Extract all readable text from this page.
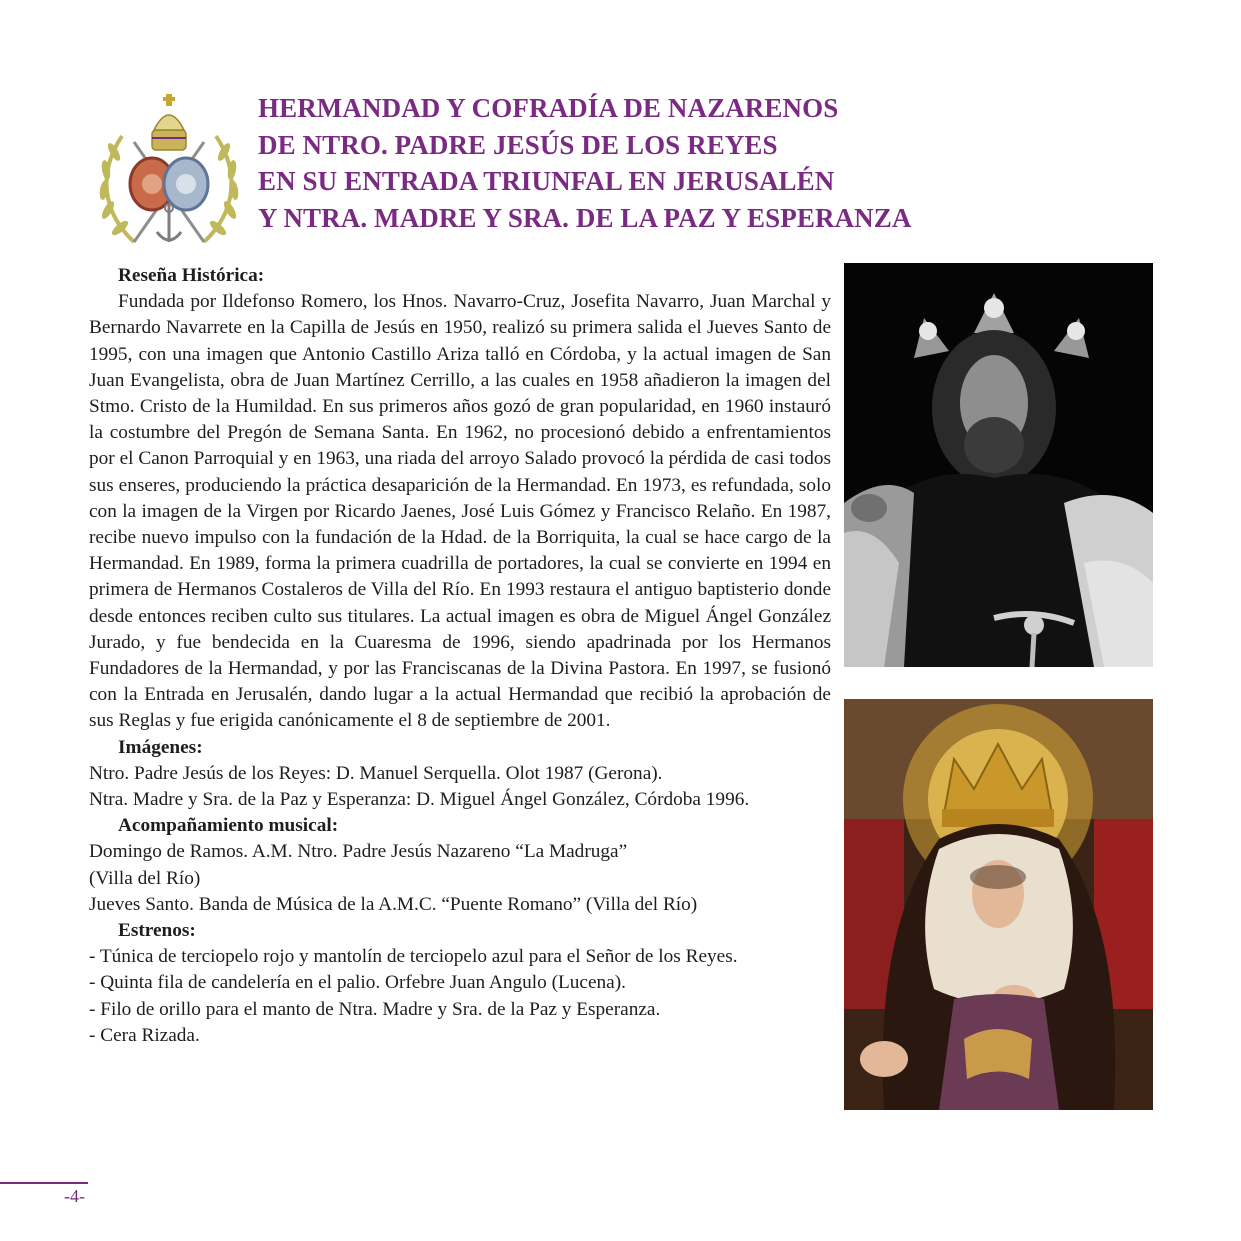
HERMANDAD Y COFRADÍA DE NAZARENOS
DE NTRO. PADRE JESÚS DE LOS REYES
EN SU ENTRADA TRIUNFAL EN JERUSALÉN
Y NTRA. MADRE Y SRA. DE LA PAZ Y ESPERANZA

Reseña Histórica:

Fundada por Ildefonso Romero, los Hnos. Navarro-Cruz, Josefita Navarro, Juan Marchal y Bernardo Navarrete en la Capilla de Jesús en 1950, realizó su primera salida el Jueves Santo de 1995, con una imagen que Antonio Castillo Ariza talló en Córdoba, y la actual imagen de San Juan Evangelista, obra de Juan Martínez Cerrillo, a las cuales en 1958 añadieron la imagen del Stmo. Cristo de la Humildad. En sus primeros años gozó de gran popularidad, en 1960 instauró la costumbre del Pregón de Semana Santa. En 1962, no procesionó debido a enfrentamientos por el Canon Parroquial y en 1963, una riada del arroyo Salado provocó la pérdida de casi todos sus enseres, produciendo la práctica desaparición de la Hermandad. En 1973, es refundada, solo con la imagen de la Virgen por Ricardo Jaenes, José Luis Gómez y Francisco Relaño. En 1987, recibe nuevo impulso con la fundación de la Hdad. de la Borriquita, la cual se hace cargo de la Hermandad. En 1989, forma la primera cuadrilla de portadores, la cual se convierte en 1994 en primera de Hermanos Costaleros de Villa del Río. En 1993 restaura el antiguo baptisterio donde desde entonces reciben culto sus titulares. La actual imagen es obra de Miguel Ángel González Jurado, y fue bendecida en la Cuaresma de 1996, siendo apadrinada por los Hermanos Fundadores de la Hermandad, y por las Franciscanas de la Divina Pastora. En 1997, se fusionó con la Entrada en Jerusalén, dando lugar a la actual Hermandad que recibió la aprobación de sus Reglas y fue erigida canónicamente el 8 de septiembre de 2001.

Imágenes:

Ntro. Padre Jesús de los Reyes: D. Manuel Serquella. Olot 1987 (Gerona).

Ntra. Madre y Sra. de la Paz y Esperanza: D. Miguel Ángel González, Córdoba 1996.

Acompañamiento musical:

Domingo de Ramos. A.M. Ntro. Padre Jesús Nazareno “La Madruga”

(Villa del Río)

Jueves Santo. Banda de Música de la A.M.C. “Puente Romano” (Villa del Río)

Estrenos:

- Túnica de terciopelo rojo y mantolín de terciopelo azul para el Señor de los Reyes.

- Quinta fila de candelería en el palio. Orfebre Juan Angulo (Lucena).

- Filo de orillo para el manto de Ntra. Madre y Sra. de la Paz y Esperanza.

- Cera Rizada.

-4-
